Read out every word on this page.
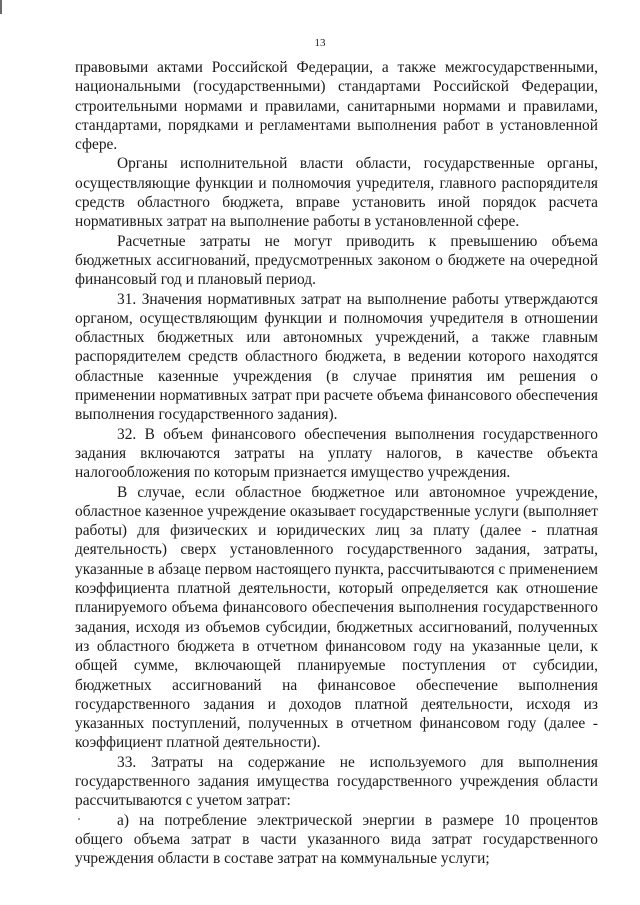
13

правовыми актами Российской Федерации, а также межгосударственными, национальными (государственными) стандартами Российской Федерации, строительными нормами и правилами, санитарными нормами и правилами, стандартами, порядками и регламентами выполнения работ в установленной сфере.

Органы исполнительной власти области, государственные органы, осуществляющие функции и полномочия учредителя, главного распорядителя средств областного бюджета, вправе установить иной порядок расчета нормативных затрат на выполнение работы в установленной сфере.

Расчетные затраты не могут приводить к превышению объема бюджетных ассигнований, предусмотренных законом о бюджете на очередной финансовый год и плановый период.

31. Значения нормативных затрат на выполнение работы утверждаются органом, осуществляющим функции и полномочия учредителя в отношении областных бюджетных или автономных учреждений, а также главным распорядителем средств областного бюджета, в ведении которого находятся областные казенные учреждения (в случае принятия им решения о применении нормативных затрат при расчете объема финансового обеспечения выполнения государственного задания).

32. В объем финансового обеспечения выполнения государственного задания включаются затраты на уплату налогов, в качестве объекта налогообложения по которым признается имущество учреждения.

В случае, если областное бюджетное или автономное учреждение, областное казенное учреждение оказывает государственные услуги (выполняет работы) для физических и юридических лиц за плату (далее - платная деятельность) сверх установленного государственного задания, затраты, указанные в абзаце первом настоящего пункта, рассчитываются с применением коэффициента платной деятельности, который определяется как отношение планируемого объема финансового обеспечения выполнения государственного задания, исходя из объемов субсидии, бюджетных ассигнований, полученных из областного бюджета в отчетном финансовом году на указанные цели, к общей сумме, включающей планируемые поступления от субсидии, бюджетных ассигнований на финансовое обеспечение выполнения государственного задания и доходов платной деятельности, исходя из указанных поступлений, полученных в отчетном финансовом году (далее - коэффициент платной деятельности).

33. Затраты на содержание не используемого для выполнения государственного задания имущества государственного учреждения области рассчитываются с учетом затрат:

а) на потребление электрической энергии в размере 10 процентов общего объема затрат в части указанного вида затрат государственного учреждения области в составе затрат на коммунальные услуги;
